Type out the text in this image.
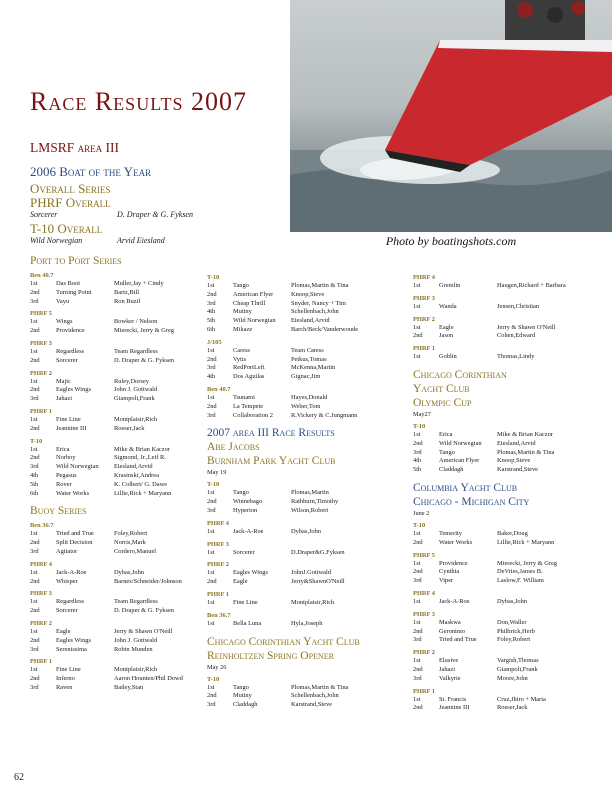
Photo by boatingshots.com
Race Results 2007
LMSRF area III
2006 Boat of the Year
Overall Series
PHRF Overall
Sorcerer	D. Draper & G. Fyksen
T-10 Overall
Wild Norwegian	Arvid Eiesland
Port to Port Series
Ben 40.7
1st	Das Boot	Muller,Jay + Cindy
2nd	Turning Point	Bartz,Bill
3rd	Vayu	Ron Buzil
PHRF 5
1st	Wings	Bowker / Nelson
2nd	Providence	Mierecki, Jerry & Greg
PHRF 3
1st	Regardless	Team Regardless
2nd	Sorcerer	D. Draper & G. Fyksen
PHRF 2
1st	Majic	Ruley,Dorsey
2nd	Eagles Wings	John J. Gottwald
3rd	Jahazi	Giampoli,Frank
PHRF 1
1st	Fine Line	Montplaisir,Rich
2nd	Jeannine III	Roeser,Jack
T-10
1st	Erica	Mike & Brian Kaczor
2nd	Norboy	Sigmond, Jr.,Leif R.
3rd	Wild Norwegian	Eiesland,Arvid
4th	Pegasus	Krasinski,Andrea
5th	Rover	K. Colbert/ G. Dawe
6th	Water Works	Lillie,Rick + Maryann
Buoy Series
Ben 36.7
1st	Tried and True	Foley,Robert
2nd	Split Decision	Norris,Mark
3rd	Agitator	Cordero,Manuel
PHRF 4
1st	Jack-A-Roe	Dybas,John
2nd	Whisper	Barnes/Schneider/Johnson
PHRF 3
1st	Regardless	Team Regardless
2nd	Sorcerer	D. Draper & G. Fyksen
PHRF 2
1st	Eagle	Jerry & Shawn O'Neill
2nd	Eagles Wings	John J. Gottwald
3rd	Serenissima	Robin Munden
PHRF 1
1st	Fine Line	Montplaisir,Rich
2nd	Inferno	Aaron Hounten/Phil Dowd
3rd	Raven	Bailey,Stan
T-10
1st	Tango	Plomas,Martin & Tina
2nd	American Flyer	Knoop,Steve
3rd	Cheap Thrill	Snyder, Nancy + Tim
4th	Mutiny	Schellenbach,John
5th	Wild Norwegian	Eiesland,Arvid
6th	Mikaze	Barch/Beck/Vanderwoude
J/105
1st	Caress	Team Caress
2nd	Vytis	Petkus,Tomas
3rd	RedPortLeft	McKenna,Martin
4th	Dos Aguilas	Gignac,Jim
Ben 40.7
1st	Tsunami	Hayes,Donald
2nd	La Tempete	Weber,Tom
3rd	Collaboration 2	R.Vickery & C.Jungmann
2007 area III Race Results
Abe Jacobs
Burnham Park Yacht Club
May 19
T-10
1st	Tango	Plomas,Martin
2nd	Winnebago	Rathburn,Timothy
3rd	Hyperion	Wilson,Robert
PHRF 4
1st	Jack-A-Roe	Dybas,John
PHRF 3
1st	Sorcerer	D.Draper&G.Fyksen
PHRF 2
1st	Eagles Wings	JohnJ.Gottwald
2nd	Eagle	Jerry&ShawnO'Neill
PHRF 1
1st	Fine Line	Montplaisir,Rich
Ben 36.7
1st	Bella Luna	Hyla,Joseph
Chicago Corinthian Yacht Club
Reinholtzen Spring Opener
May 26
T-10
1st	Tango	Plomas,Martin & Tina
2nd	Mutiny	Schellenbach,John
3rd	Claddagh	Karstrand,Steve
PHRF 4
1st	Gremlin	Haugen,Richard + Barbara
PHRF 3
1st	Wanda	Jensen,Christian
PHRF 2
1st	Eagle	Jerry & Shawn O'Neill
2nd	Jason	Cohen,Edward
PHRF 1
1st	Goblin	Thomas,Lindy
Chicago Corinthian
Yacht Club
Olympic Cup
May27
T-10
1st	Erica	Mike & Brian Kaczor
2nd	Wild Norwegian	Eiesland,Arvid
3rd	Tango	Plomas,Martin & Tina
4th	American Flyer	Knoop,Steve
5th	Claddagh	Karstrand,Steve
Columbia Yacht Club
Chicago - Michigan City
June 2
T-10
1st	Temerity	Baker,Doug
2nd	Water Works	Lillie,Rick + Maryann
PHRF 5
1st	Providence	Mierecki, Jerry & Greg
2nd	Cynthia	DeVries,James B.
3rd	Viper	Laslow,F. William
PHRF 4
1st	Jack-A-Roe	Dybas,John
PHRF 3
1st	Maskwa	Don,Waller
2nd	Geronimo	Philbrick,Herb
3rd	Tried and True	Foley,Robert
PHRF 2
1st	Elusive	Vargish,Thomas
2nd	Jahazi	Giampoli,Frank
3rd	Valkyrie	Moore,John
PHRF 1
1st	St. Francis	Cruz,Jhiro + Maria
2nd	Jeannine III	Roeser,Jack
62
